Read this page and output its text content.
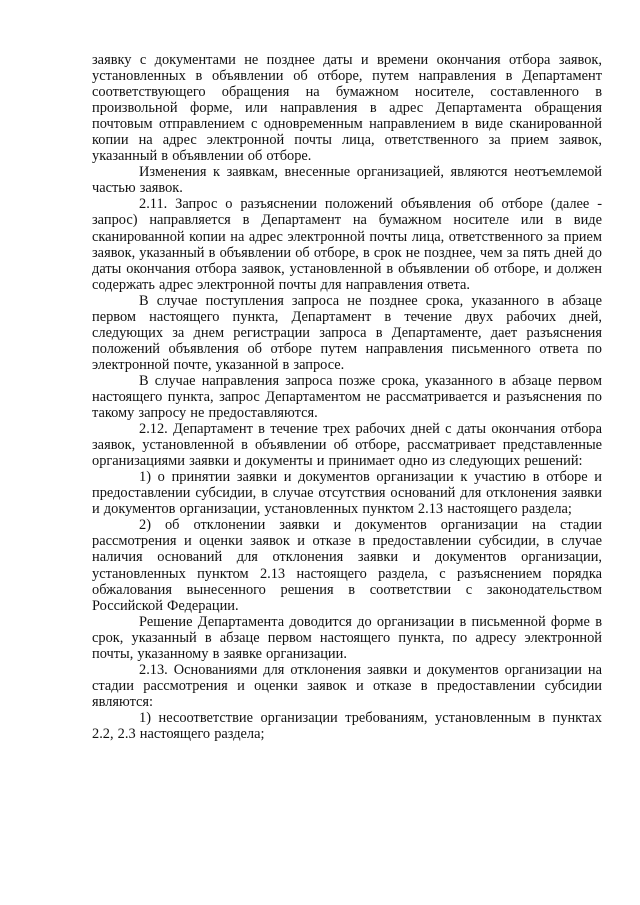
заявку с документами не позднее даты и времени окончания отбора заявок, установленных в объявлении об отборе, путем направления в Департамент соответствующего обращения на бумажном носителе, составленного в произвольной форме, или направления в адрес Департамента обращения почтовым отправлением с одновременным направлением в виде сканированной копии на адрес электронной почты лица, ответственного за прием заявок, указанный в объявлении об отборе.

Изменения к заявкам, внесенные организацией, являются неотъемлемой частью заявок.

2.11. Запрос о разъяснении положений объявления об отборе (далее - запрос) направляется в Департамент на бумажном носителе или в виде сканированной копии на адрес электронной почты лица, ответственного за прием заявок, указанный в объявлении об отборе, в срок не позднее, чем за пять дней до даты окончания отбора заявок, установленной в объявлении об отборе, и должен содержать адрес электронной почты для направления ответа.

В случае поступления запроса не позднее срока, указанного в абзаце первом настоящего пункта, Департамент в течение двух рабочих дней, следующих за днем регистрации запроса в Департаменте, дает разъяснения положений объявления об отборе путем направления письменного ответа по электронной почте, указанной в запросе.

В случае направления запроса позже срока, указанного в абзаце первом настоящего пункта, запрос Департаментом не рассматривается и разъяснения по такому запросу не предоставляются.

2.12. Департамент в течение трех рабочих дней с даты окончания отбора заявок, установленной в объявлении об отборе, рассматривает представленные организациями заявки и документы и принимает одно из следующих решений:

1) о принятии заявки и документов организации к участию в отборе и предоставлении субсидии, в случае отсутствия оснований для отклонения заявки и документов организации, установленных пунктом 2.13 настоящего раздела;

2) об отклонении заявки и документов организации на стадии рассмотрения и оценки заявок и отказе в предоставлении субсидии, в случае наличия оснований для отклонения заявки и документов организации, установленных пунктом 2.13 настоящего раздела, с разъяснением порядка обжалования вынесенного решения в соответствии с законодательством Российской Федерации.

Решение Департамента доводится до организации в письменной форме в срок, указанный в абзаце первом настоящего пункта, по адресу электронной почты, указанному в заявке организации.

2.13. Основаниями для отклонения заявки и документов организации на стадии рассмотрения и оценки заявок и отказе в предоставлении субсидии являются:

1) несоответствие организации требованиям, установленным в пунктах 2.2, 2.3 настоящего раздела;
